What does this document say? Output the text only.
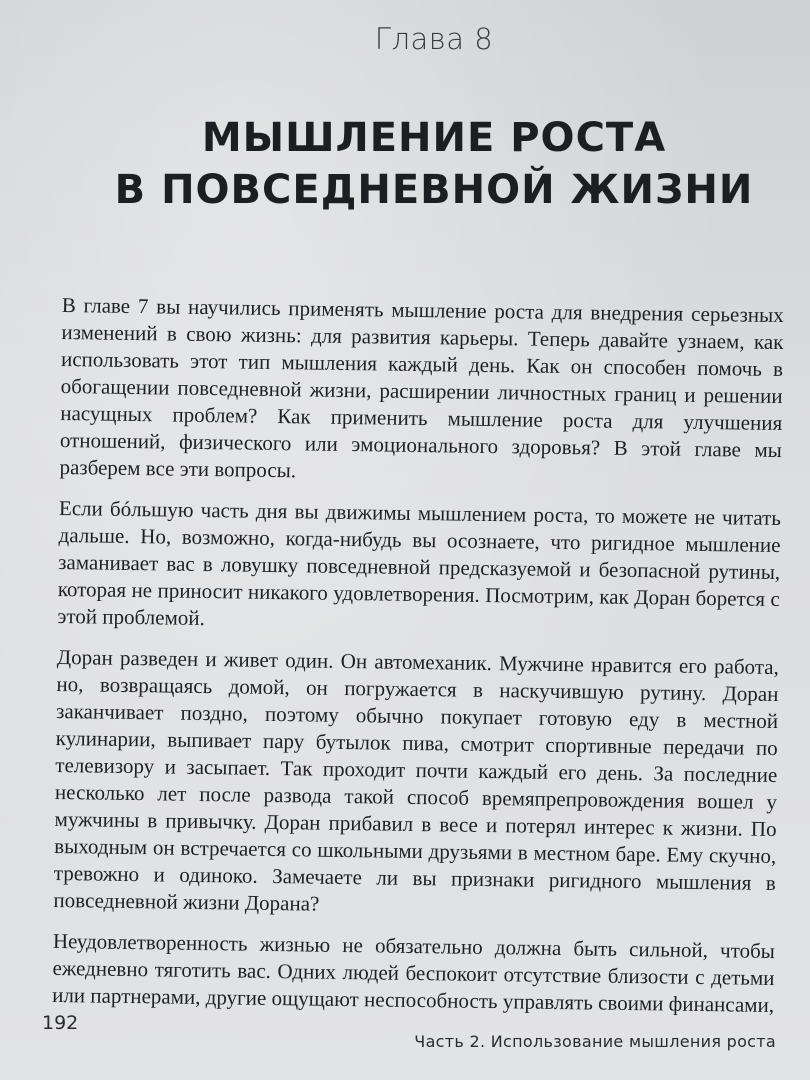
Глава 8
МЫШЛЕНИЕ РОСТА
В ПОВСЕДНЕВНОЙ ЖИЗНИ

В главе 7 вы научились применять мышление роста для внедрения серьезных изменений в свою жизнь: для развития карьеры. Теперь давайте узнаем, как использовать этот тип мышления каждый день. Как он способен помочь в обогащении повседневной жизни, расширении личностных границ и решении насущных проблем? Как применить мышление роста для улучшения отношений, физического или эмоционального здоровья? В этой главе мы разберем все эти вопросы.

Если бóльшую часть дня вы движимы мышлением роста, то можете не читать дальше. Но, возможно, когда-нибудь вы осознаете, что ригидное мышление заманивает вас в ловушку повседневной предсказуемой и безопасной рутины, которая не приносит никакого удовлетворения. Посмотрим, как Доран борется с этой проблемой.

Доран разведен и живет один. Он автомеханик. Мужчине нравится его работа, но, возвращаясь домой, он погружается в наскучившую рутину. Доран заканчивает поздно, поэтому обычно покупает готовую еду в местной кулинарии, выпивает пару бутылок пива, смотрит спортивные передачи по телевизору и засыпает. Так проходит почти каждый его день. За последние несколько лет после развода такой способ времяпрепровождения вошел у мужчины в привычку. Доран прибавил в весе и потерял интерес к жизни. По выходным он встречается со школьными друзьями в местном баре. Ему скучно, тревожно и одиноко. Замечаете ли вы признаки ригидного мышления в повседневной жизни Дорана?

Неудовлетворенность жизнью не обязательно должна быть сильной, чтобы ежедневно тяготить вас. Одних людей беспокоит отсутствие близости с детьми или партнерами, другие ощущают неспособность управлять своими финансами,

192
Часть 2. Использование мышления роста
